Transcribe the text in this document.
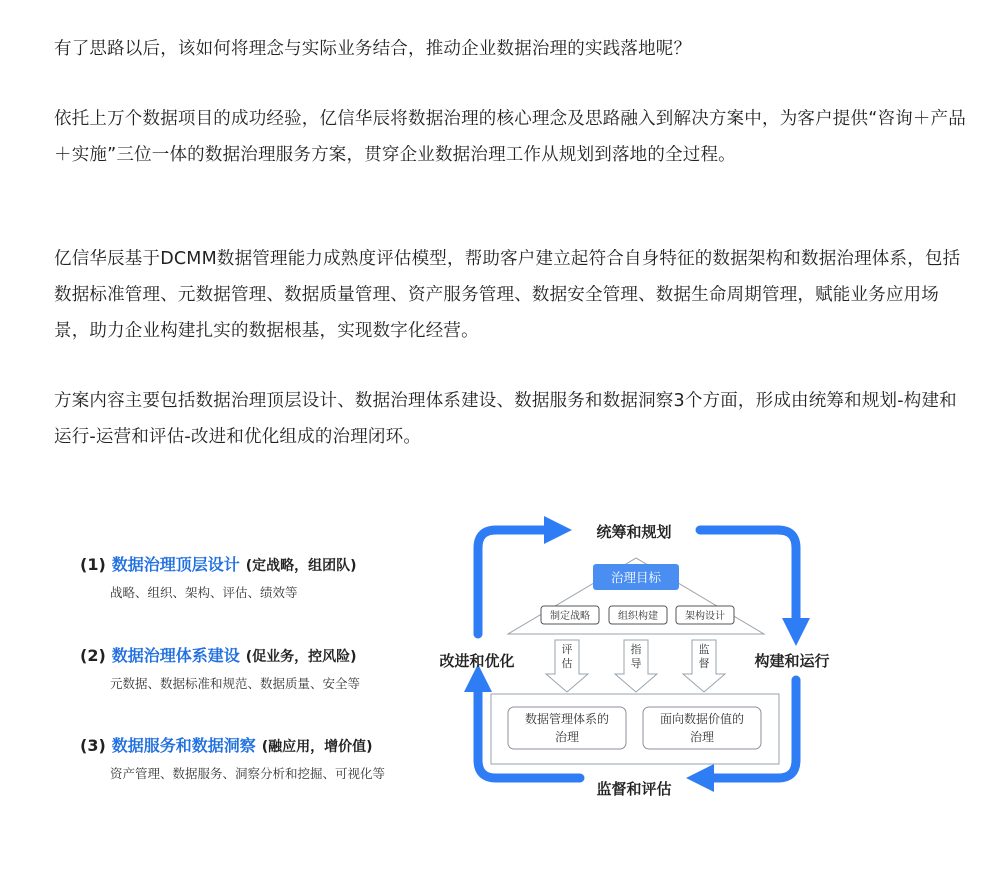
有了思路以后，该如何将理念与实际业务结合，推动企业数据治理的实践落地呢？

依托上万个数据项目的成功经验，亿信华辰将数据治理的核心理念及思路融入到解决方案中，为客户提供“咨询＋产品＋实施”三位一体的数据治理服务方案，贯穿企业数据治理工作从规划到落地的全过程。

亿信华辰基于DCMM数据管理能力成熟度评估模型，帮助客户建立起符合自身特征的数据架构和数据治理体系，包括数据标准管理、元数据管理、数据质量管理、资产服务管理、数据安全管理、数据生命周期管理，赋能业务应用场景，助力企业构建扎实的数据根基，实现数字化经营。

方案内容主要包括数据治理顶层设计、数据治理体系建设、数据服务和数据洞察3个方面，形成由统筹和规划-构建和运行-运营和评估-改进和优化组成的治理闭环。

(1) 数据治理顶层设计 (定战略，组团队)
战略、组织、架构、评估、绩效等
(2) 数据治理体系建设 (促业务，控风险)
元数据、数据标准和规范、数据质量、安全等
(3) 数据服务和数据洞察 (融应用，增价值)
资产管理、数据服务、洞察分析和挖掘、可视化等
统筹和规划
构建和运行
监督和评估
改进和优化
治理目标
制定战略	组织构建	架构设计
评
估
指
导
监
督
数据管理体系的
治理
面向数据价值的
治理
